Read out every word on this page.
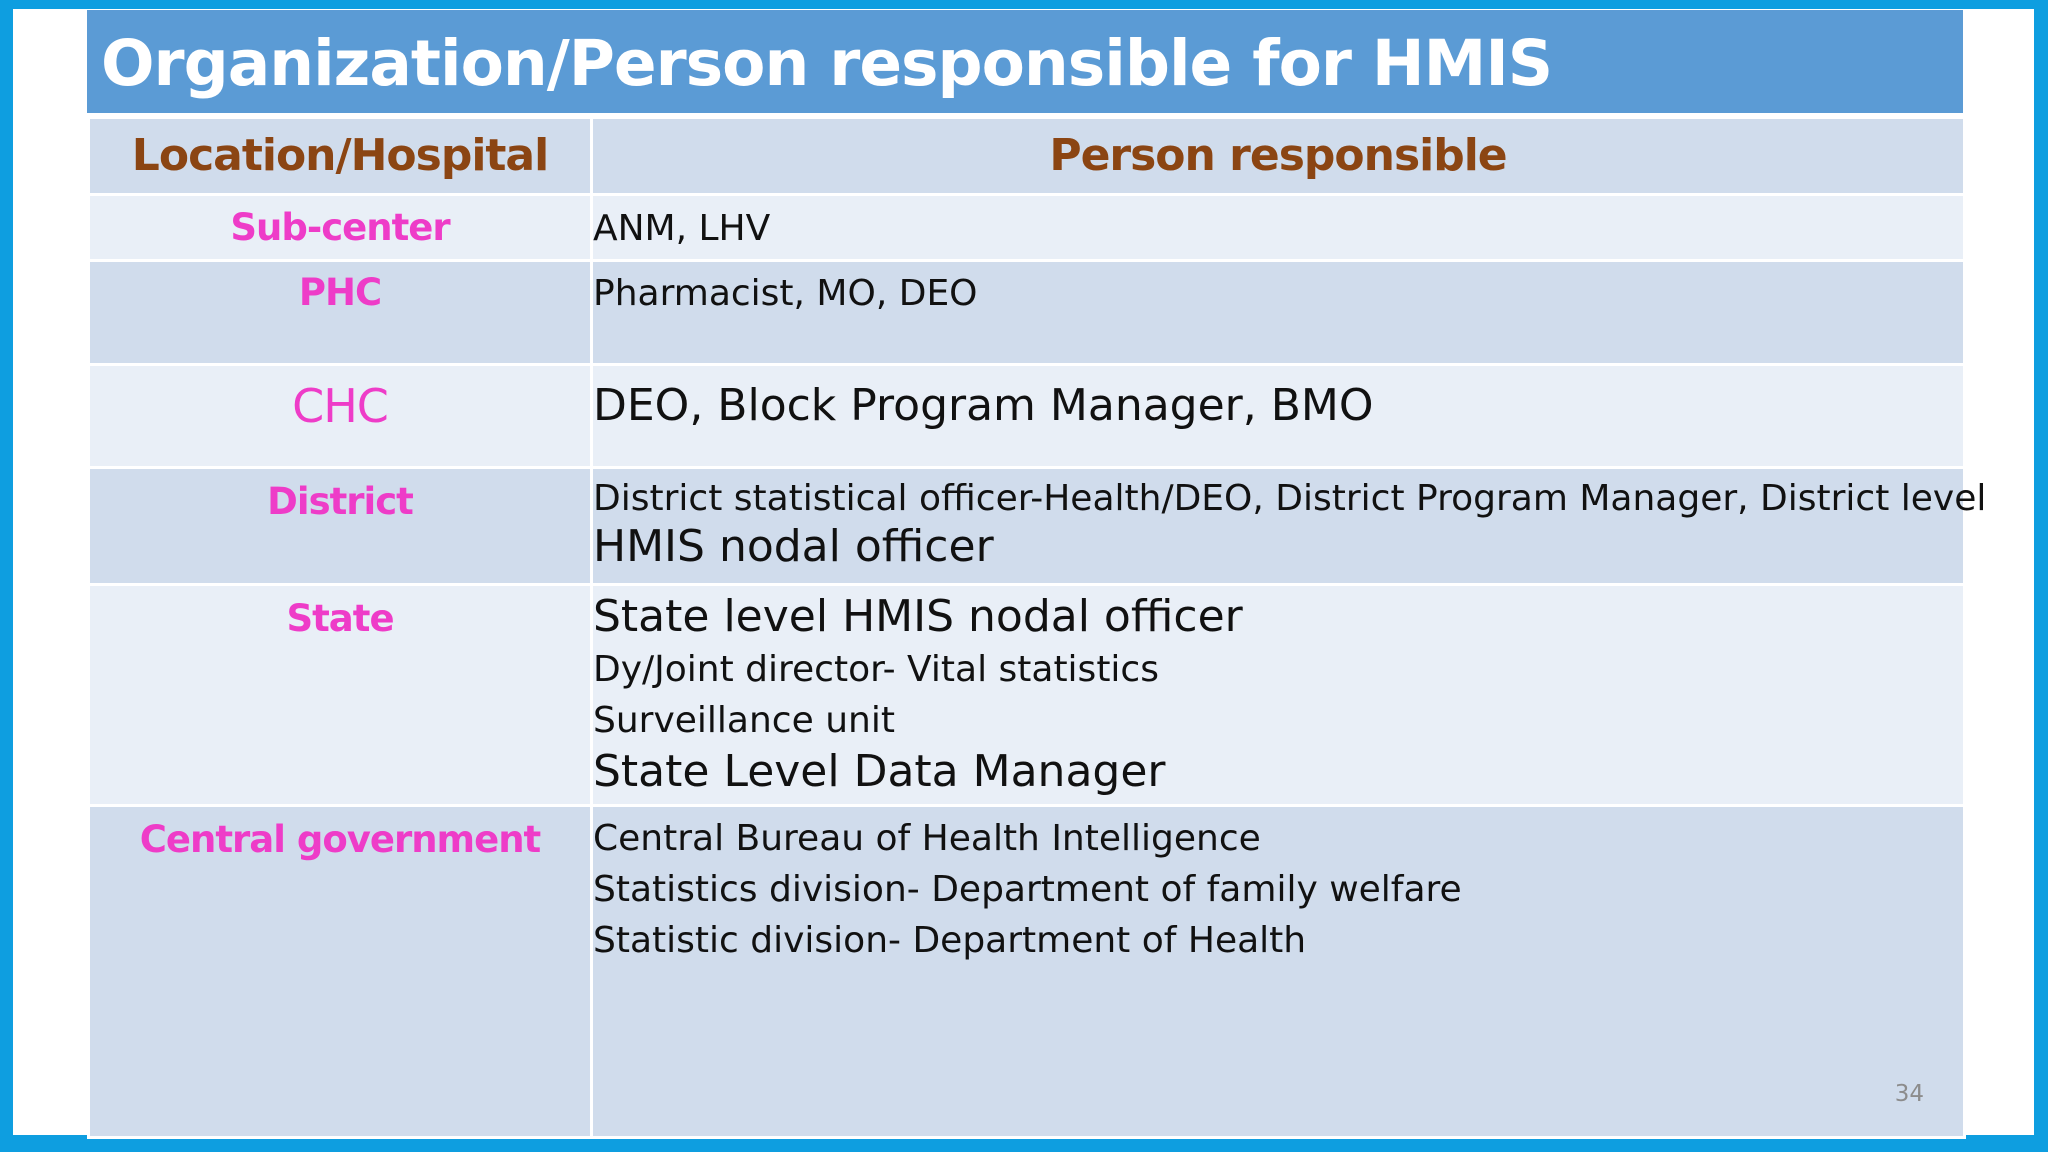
Organization/Person responsible for HMIS
Location/Hospital	Person responsible

Sub-center	ANM, LHV

PHC	Pharmacist, MO, DEO

CHC	DEO, Block Program Manager, BMO

District	District statistical officer-Health/DEO, District Program Manager, District level
HMIS nodal officer

State	State level HMIS nodal officer
Dy/Joint director- Vital statistics
Surveillance unit
State Level Data Manager

Central government	Central Bureau of Health Intelligence
Statistics division- Department of family welfare
Statistic division- Department of Health
34
